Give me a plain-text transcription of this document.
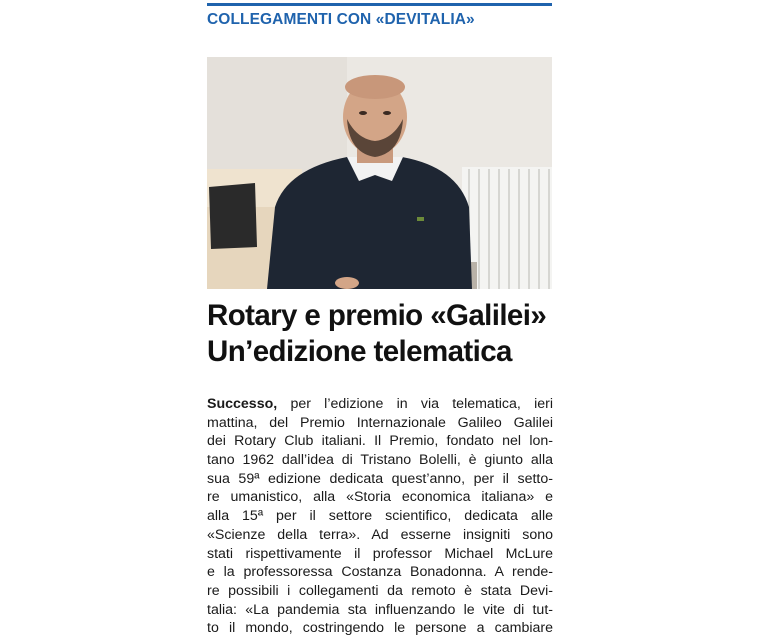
COLLEGAMENTI CON «DEVITALIA»
Rotary e premio «Galilei»
Un’edizione telematica
Successo, per l’edizione in via telematica, ieri
mattina, del Premio Internazionale Galileo Galilei
dei Rotary Club italiani. Il Premio, fondato nel lon-
tano 1962 dall’idea di Tristano Bolelli, è giunto alla
sua 59ª edizione dedicata quest’anno, per il setto-
re umanistico, alla «Storia economica italiana» e
alla 15ª per il settore scientifico, dedicata alle
«Scienze della terra». Ad esserne insigniti sono
stati rispettivamente il professor Michael McLure
e la professoressa Costanza Bonadonna. A rende-
re possibili i collegamenti da remoto è stata Devi-
talia: «La pandemia sta influenzando le vite di tut-
to il mondo, costringendo le persone a cambiare
